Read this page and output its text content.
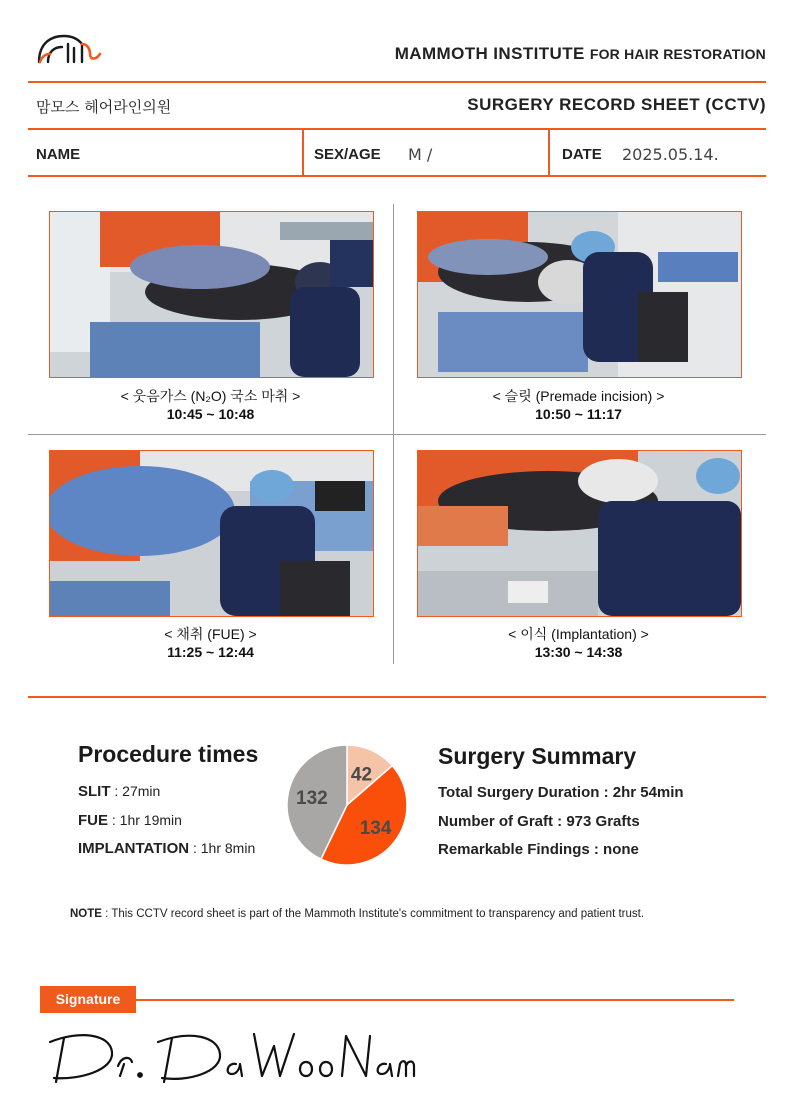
MAMMOTH INSTITUTE FOR HAIR RESTORATION
맘모스 헤어라인의원	SURGERY RECORD SHEET (CCTV)
NAME	SEX/AGE M /	DATE 2025.05.14.
< 웃음가스 (N₂O) 국소 마취 >
10:45 ~ 10:48
< 슬릿 (Premade incision) >
10:50 ~ 11:17
< 채취 (FUE) >
11:25 ~ 12:44
< 이식 (Implantation) >
13:30 ~ 14:38
Procedure times
SLIT : 27min
FUE : 1hr 19min
IMPLANTATION : 1hr 8min
42
134
132
Surgery Summary
Total Surgery Duration : 2hr 54min
Number of Graft : 973 Grafts
Remarkable Findings : none
NOTE : This CCTV record sheet is part of the Mammoth Institute's commitment to transparency and patient trust.
Signature
